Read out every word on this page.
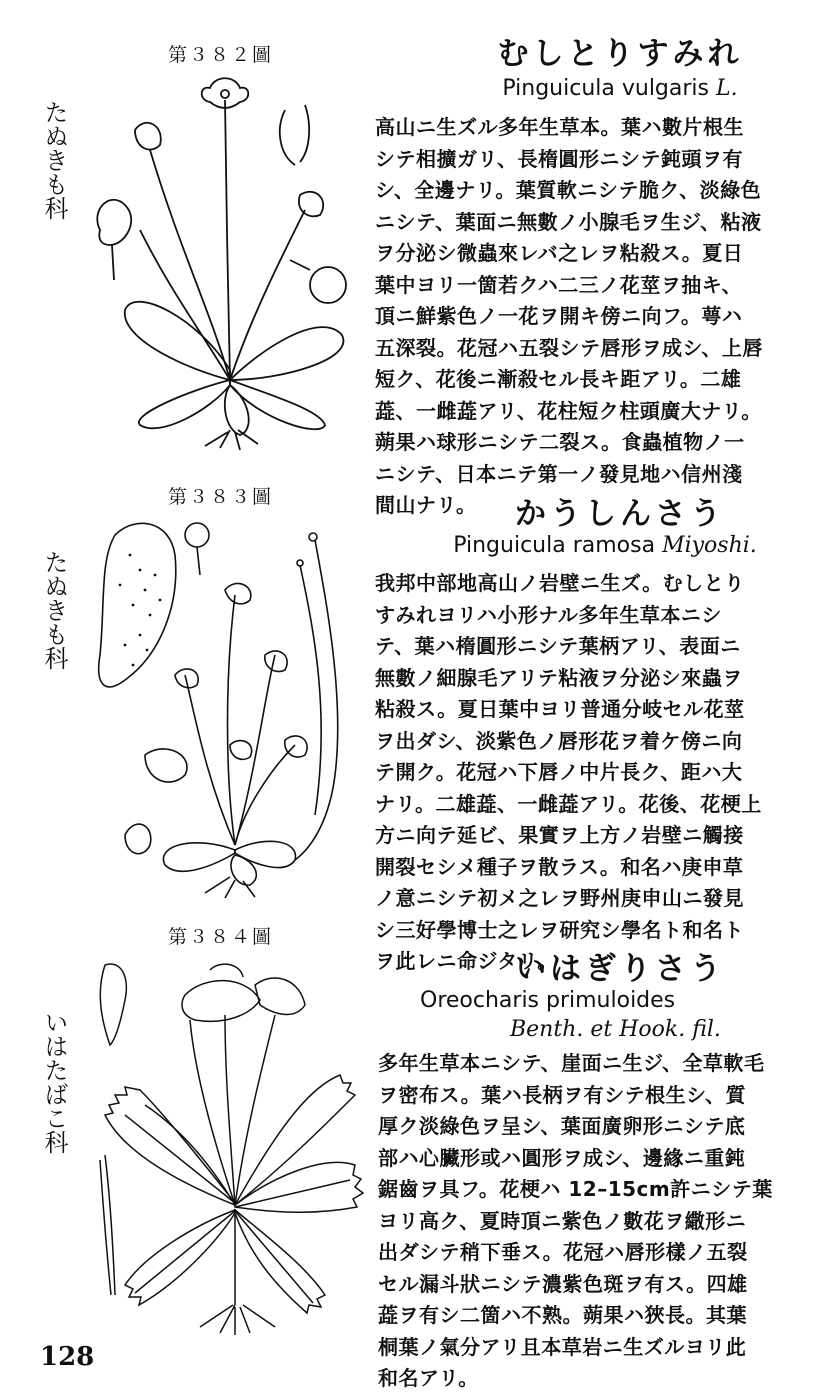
第３８２圖
たぬきも科
むしとりすみれ
Pinguicula vulgaris L.
高山ニ生ズル多年生草本。葉ハ數片根生
シテ相擴ガリ、長楕圓形ニシテ鈍頭ヲ有
シ、全邊ナリ。葉質軟ニシテ脆ク、淡綠色
ニシテ、葉面ニ無數ノ小腺毛ヲ生ジ、粘液
ヲ分泌シ微蟲來レバ之レヲ粘殺ス。夏日
葉中ヨリ一箇若クハ二三ノ花莖ヲ抽キ、
頂ニ鮮紫色ノ一花ヲ開キ傍ニ向フ。萼ハ
五深裂。花冠ハ五裂シテ唇形ヲ成シ、上唇
短ク、花後ニ漸殺セル長キ距アリ。二雄
蕋、一雌蕋アリ、花柱短ク柱頭廣大ナリ。
蒴果ハ球形ニシテ二裂ス。食蟲植物ノ一
ニシテ、日本ニテ第一ノ發見地ハ信州淺
間山ナリ。
第３８３圖
たぬきも科
かうしんさう
Pinguicula ramosa Miyoshi.
我邦中部地高山ノ岩壁ニ生ズ。むしとり
すみれヨリハ小形ナル多年生草本ニシ
テ、葉ハ楕圓形ニシテ葉柄アリ、表面ニ
無數ノ細腺毛アリテ粘液ヲ分泌シ來蟲ヲ
粘殺ス。夏日葉中ヨリ普通分岐セル花莖
ヲ出ダシ、淡紫色ノ唇形花ヲ着ケ傍ニ向
テ開ク。花冠ハ下唇ノ中片長ク、距ハ大
ナリ。二雄蕋、一雌蕋アリ。花後、花梗上
方ニ向テ延ビ、果實ヲ上方ノ岩壁ニ觸接
開裂セシメ種子ヲ散ラス。和名ハ庚申草
ノ意ニシテ初メ之レヲ野州庚申山ニ發見
シ三好學博士之レヲ研究シ學名ト和名ト
ヲ此レニ命ジタリ。
第３８４圖
いはたばこ科
いはぎりさう
Oreocharis primuloides
Benth. et Hook. fil.
多年生草本ニシテ、崖面ニ生ジ、全草軟毛
ヲ密布ス。葉ハ長柄ヲ有シテ根生シ、質
厚ク淡綠色ヲ呈シ、葉面廣卵形ニシテ底
部ハ心臟形或ハ圓形ヲ成シ、邊緣ニ重鈍
鋸齒ヲ具フ。花梗ハ 12–15cm許ニシテ葉
ヨリ高ク、夏時頂ニ紫色ノ數花ヲ繖形ニ
出ダシテ稍下垂ス。花冠ハ唇形樣ノ五裂
セル漏斗狀ニシテ濃紫色斑ヲ有ス。四雄
蕋ヲ有シ二箇ハ不熟。蒴果ハ狹長。其葉
桐葉ノ氣分アリ且本草岩ニ生ズルヨリ此
和名アリ。
128
